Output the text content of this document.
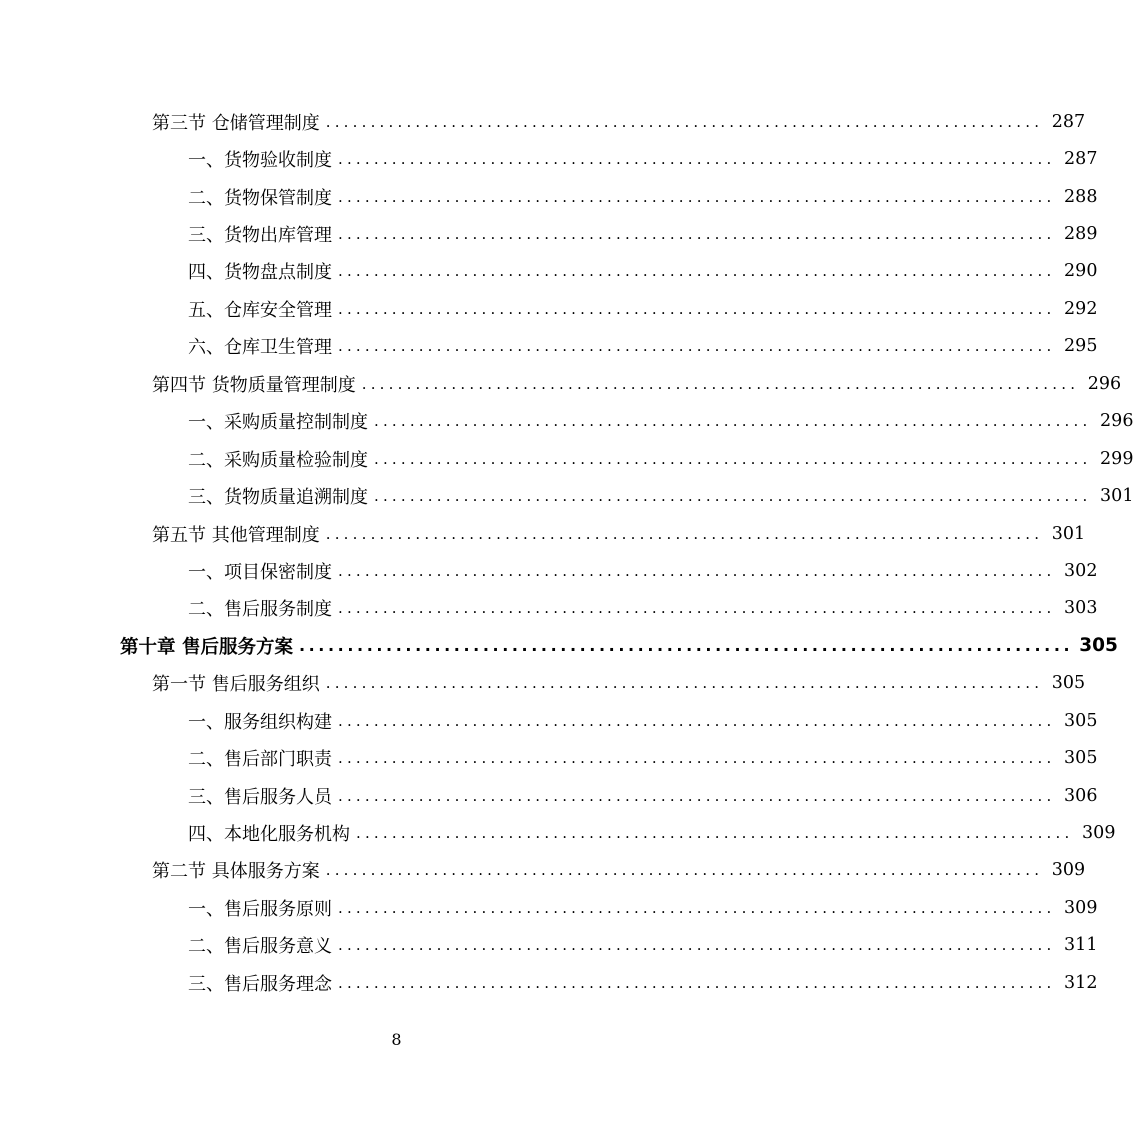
第三节 仓储管理制度 ................................................................................ 287
一、货物验收制度 ................................................................................ 287
二、货物保管制度 ................................................................................ 288
三、货物出库管理 ................................................................................ 289
四、货物盘点制度 ................................................................................ 290
五、仓库安全管理 ................................................................................ 292
六、仓库卫生管理 ................................................................................ 295
第四节 货物质量管理制度 ................................................................................ 296
一、采购质量控制制度 ................................................................................ 296
二、采购质量检验制度 ................................................................................ 299
三、货物质量追溯制度 ................................................................................ 301
第五节 其他管理制度 ................................................................................ 301
一、项目保密制度 ................................................................................ 302
二、售后服务制度 ................................................................................ 303
第十章 售后服务方案 ................................................................................ 305
第一节 售后服务组织 ................................................................................ 305
一、服务组织构建 ................................................................................ 305
二、售后部门职责 ................................................................................ 305
三、售后服务人员 ................................................................................ 306
四、本地化服务机构 ................................................................................ 309
第二节 具体服务方案 ................................................................................ 309
一、售后服务原则 ................................................................................ 309
二、售后服务意义 ................................................................................ 311
三、售后服务理念 ................................................................................ 312
8
